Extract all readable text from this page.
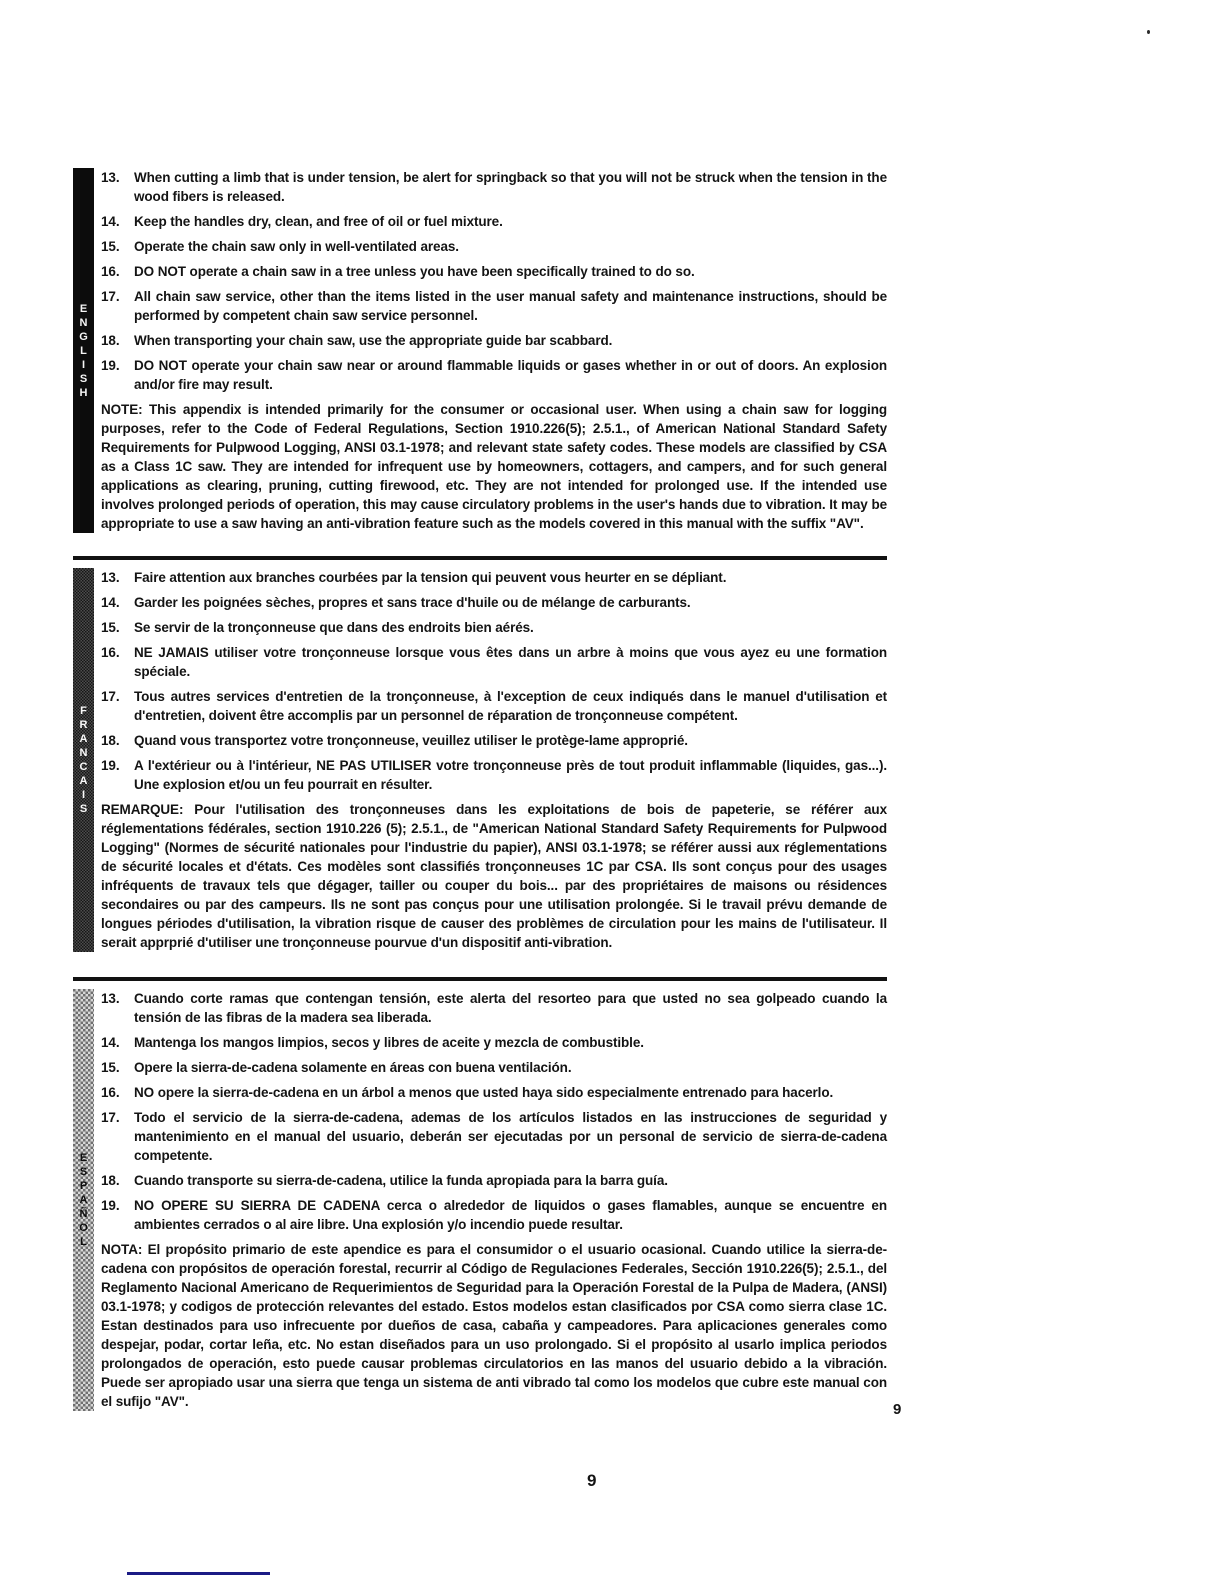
E
N
G
L
I
S
H

13. When cutting a limb that is under tension, be alert for springback so that you will not be struck when the tension in the wood fibers is released.

14. Keep the handles dry, clean, and free of oil or fuel mixture.

15. Operate the chain saw only in well-ventilated areas.

16. DO NOT operate a chain saw in a tree unless you have been specifically trained to do so.

17. All chain saw service, other than the items listed in the user manual safety and maintenance instructions, should be performed by competent chain saw service personnel.

18. When transporting your chain saw, use the appropriate guide bar scabbard.

19. DO NOT operate your chain saw near or around flammable liquids or gases whether in or out of doors. An explosion and/or fire may result.

NOTE: This appendix is intended primarily for the consumer or occasional user. When using a chain saw for logging purposes, refer to the Code of Federal Regulations, Section 1910.226(5); 2.5.1., of American National Standard Safety Requirements for Pulpwood Logging, ANSI 03.1-1978; and relevant state safety codes. These models are classified by CSA as a Class 1C saw. They are intended for infrequent use by homeowners, cottagers, and campers, and for such general applications as clearing, pruning, cutting firewood, etc. They are not intended for prolonged use. If the intended use involves prolonged periods of operation, this may cause circulatory problems in the user's hands due to vibration. It may be appropriate to use a saw having an anti-vibration feature such as the models covered in this manual with the suffix "AV".

F
R
A
N
C
A
I
S

13. Faire attention aux branches courbées par la tension qui peuvent vous heurter en se dépliant.

14. Garder les poignées sèches, propres et sans trace d'huile ou de mélange de carburants.

15. Se servir de la tronçonneuse que dans des endroits bien aérés.

16. NE JAMAIS utiliser votre tronçonneuse lorsque vous êtes dans un arbre à moins que vous ayez eu une formation spéciale.

17. Tous autres services d'entretien de la tronçonneuse, à l'exception de ceux indiqués dans le manuel d'utilisation et d'entretien, doivent être accomplis par un personnel de réparation de tronçonneuse compétent.

18. Quand vous transportez votre tronçonneuse, veuillez utiliser le protège-lame approprié.

19. A l'extérieur ou à l'intérieur, NE PAS UTILISER votre tronçonneuse près de tout produit inflammable (liquides, gas...). Une explosion et/ou un feu pourrait en résulter.

REMARQUE: Pour l'utilisation des tronçonneuses dans les exploitations de bois de papeterie, se référer aux réglementations fédérales, section 1910.226 (5); 2.5.1., de "American National Standard Safety Requirements for Pulpwood Logging" (Normes de sécurité nationales pour l'industrie du papier), ANSI 03.1-1978; se référer aussi aux réglementations de sécurité locales et d'états. Ces modèles sont classifiés tronçonneuses 1C par CSA. Ils sont conçus pour des usages infréquents de travaux tels que dégager, tailler ou couper du bois... par des propriétaires de maisons ou résidences secondaires ou par des campeurs. Ils ne sont pas conçus pour une utilisation prolongée. Si le travail prévu demande de longues périodes d'utilisation, la vibration risque de causer des problèmes de circulation pour les mains de l'utilisateur. Il serait apprprié d'utiliser une tronçonneuse pourvue d'un dispositif anti-vibration.

E
S
P
A
Ñ
O
L

13. Cuando corte ramas que contengan tensión, este alerta del resorteo para que usted no sea golpeado cuando la tensión de las fibras de la madera sea liberada.

14. Mantenga los mangos limpios, secos y libres de aceite y mezcla de combustible.

15. Opere la sierra-de-cadena solamente en áreas con buena ventilación.

16. NO opere la sierra-de-cadena en un árbol a menos que usted haya sido especialmente entrenado para hacerlo.

17. Todo el servicio de la sierra-de-cadena, ademas de los artículos listados en las instrucciones de seguridad y mantenimiento en el manual del usuario, deberán ser ejecutadas por un personal de servicio de sierra-de-cadena competente.

18. Cuando transporte su sierra-de-cadena, utilice la funda apropiada para la barra guía.

19. NO OPERE SU SIERRA DE CADENA cerca o alrededor de liquidos o gases flamables, aunque se encuentre en ambientes cerrados o al aire libre. Una explosión y/o incendio puede resultar.

NOTA: El propósito primario de este apendice es para el consumidor o el usuario ocasional. Cuando utilice la sierra-de-cadena con propósitos de operación forestal, recurrir al Código de Regulaciones Federales, Sección 1910.226(5); 2.5.1., del Reglamento Nacional Americano de Requerimientos de Seguridad para la Operación Forestal de la Pulpa de Madera, (ANSI) 03.1-1978; y codigos de protección relevantes del estado. Estos modelos estan clasificados por CSA como sierra clase 1C. Estan destinados para uso infrecuente por dueños de casa, cabaña y campeadores. Para aplicaciones generales como despejar, podar, cortar leña, etc. No estan diseñados para un uso prolongado. Si el propósito al usarlo implica periodos prolongados de operación, esto puede causar problemas circulatorios en las manos del usuario debido a la vibración. Puede ser apropiado usar una sierra que tenga un sistema de anti vibrado tal como los modelos que cubre este manual con el sufijo "AV".	9
9
